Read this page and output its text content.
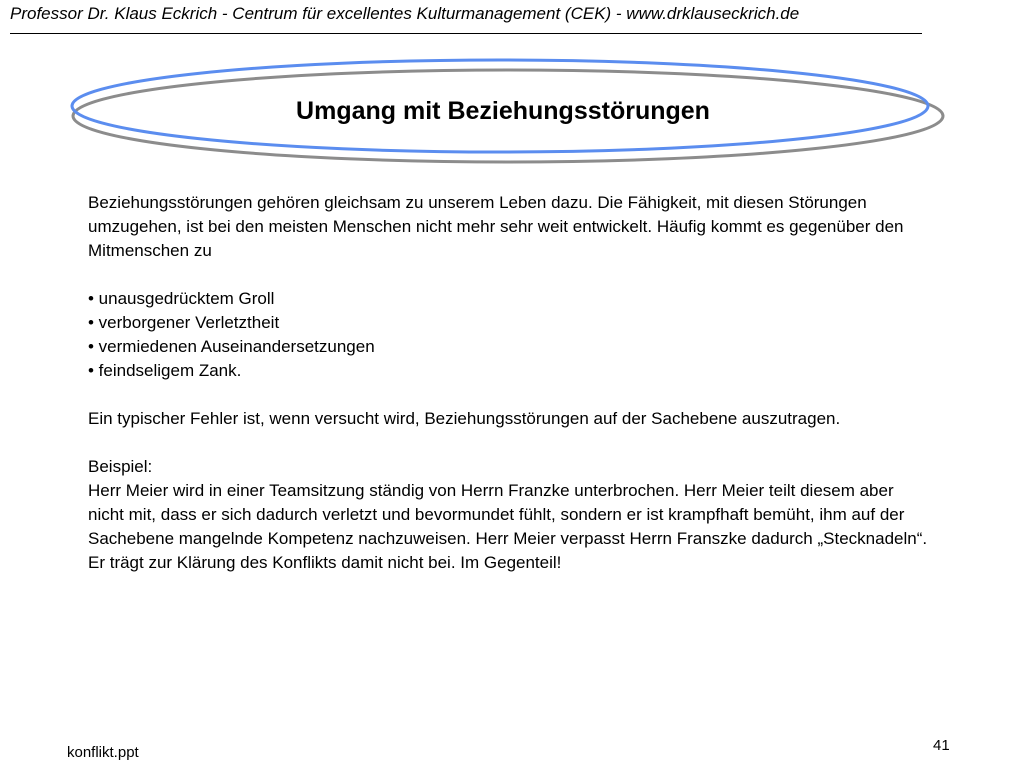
Professor Dr. Klaus Eckrich - Centrum für excellentes Kulturmanagement (CEK) - www.drklauseckrich.de
Umgang mit Beziehungsstörungen

Beziehungsstörungen gehören gleichsam zu unserem Leben dazu. Die Fähigkeit, mit diesen Störungen umzugehen, ist bei den meisten Menschen nicht mehr sehr weit entwickelt. Häufig kommt es gegenüber den Mitmenschen zu

• unausgedrücktem Groll
• verborgener Verletztheit
• vermiedenen Auseinandersetzungen
• feindseligem Zank.

Ein typischer Fehler ist, wenn versucht wird, Beziehungsstörungen auf der Sachebene auszutragen.

Beispiel:

Herr Meier wird in einer Teamsitzung ständig von Herrn Franzke unterbrochen. Herr Meier teilt diesem aber nicht mit, dass er sich dadurch verletzt und bevormundet fühlt, sondern er ist krampfhaft bemüht, ihm auf der Sachebene mangelnde Kompetenz nachzuweisen. Herr Meier verpasst Herrn Franszke dadurch „Stecknadeln“. Er trägt zur Klärung des Konflikts damit nicht bei. Im Gegenteil!

konflikt.ppt	41
